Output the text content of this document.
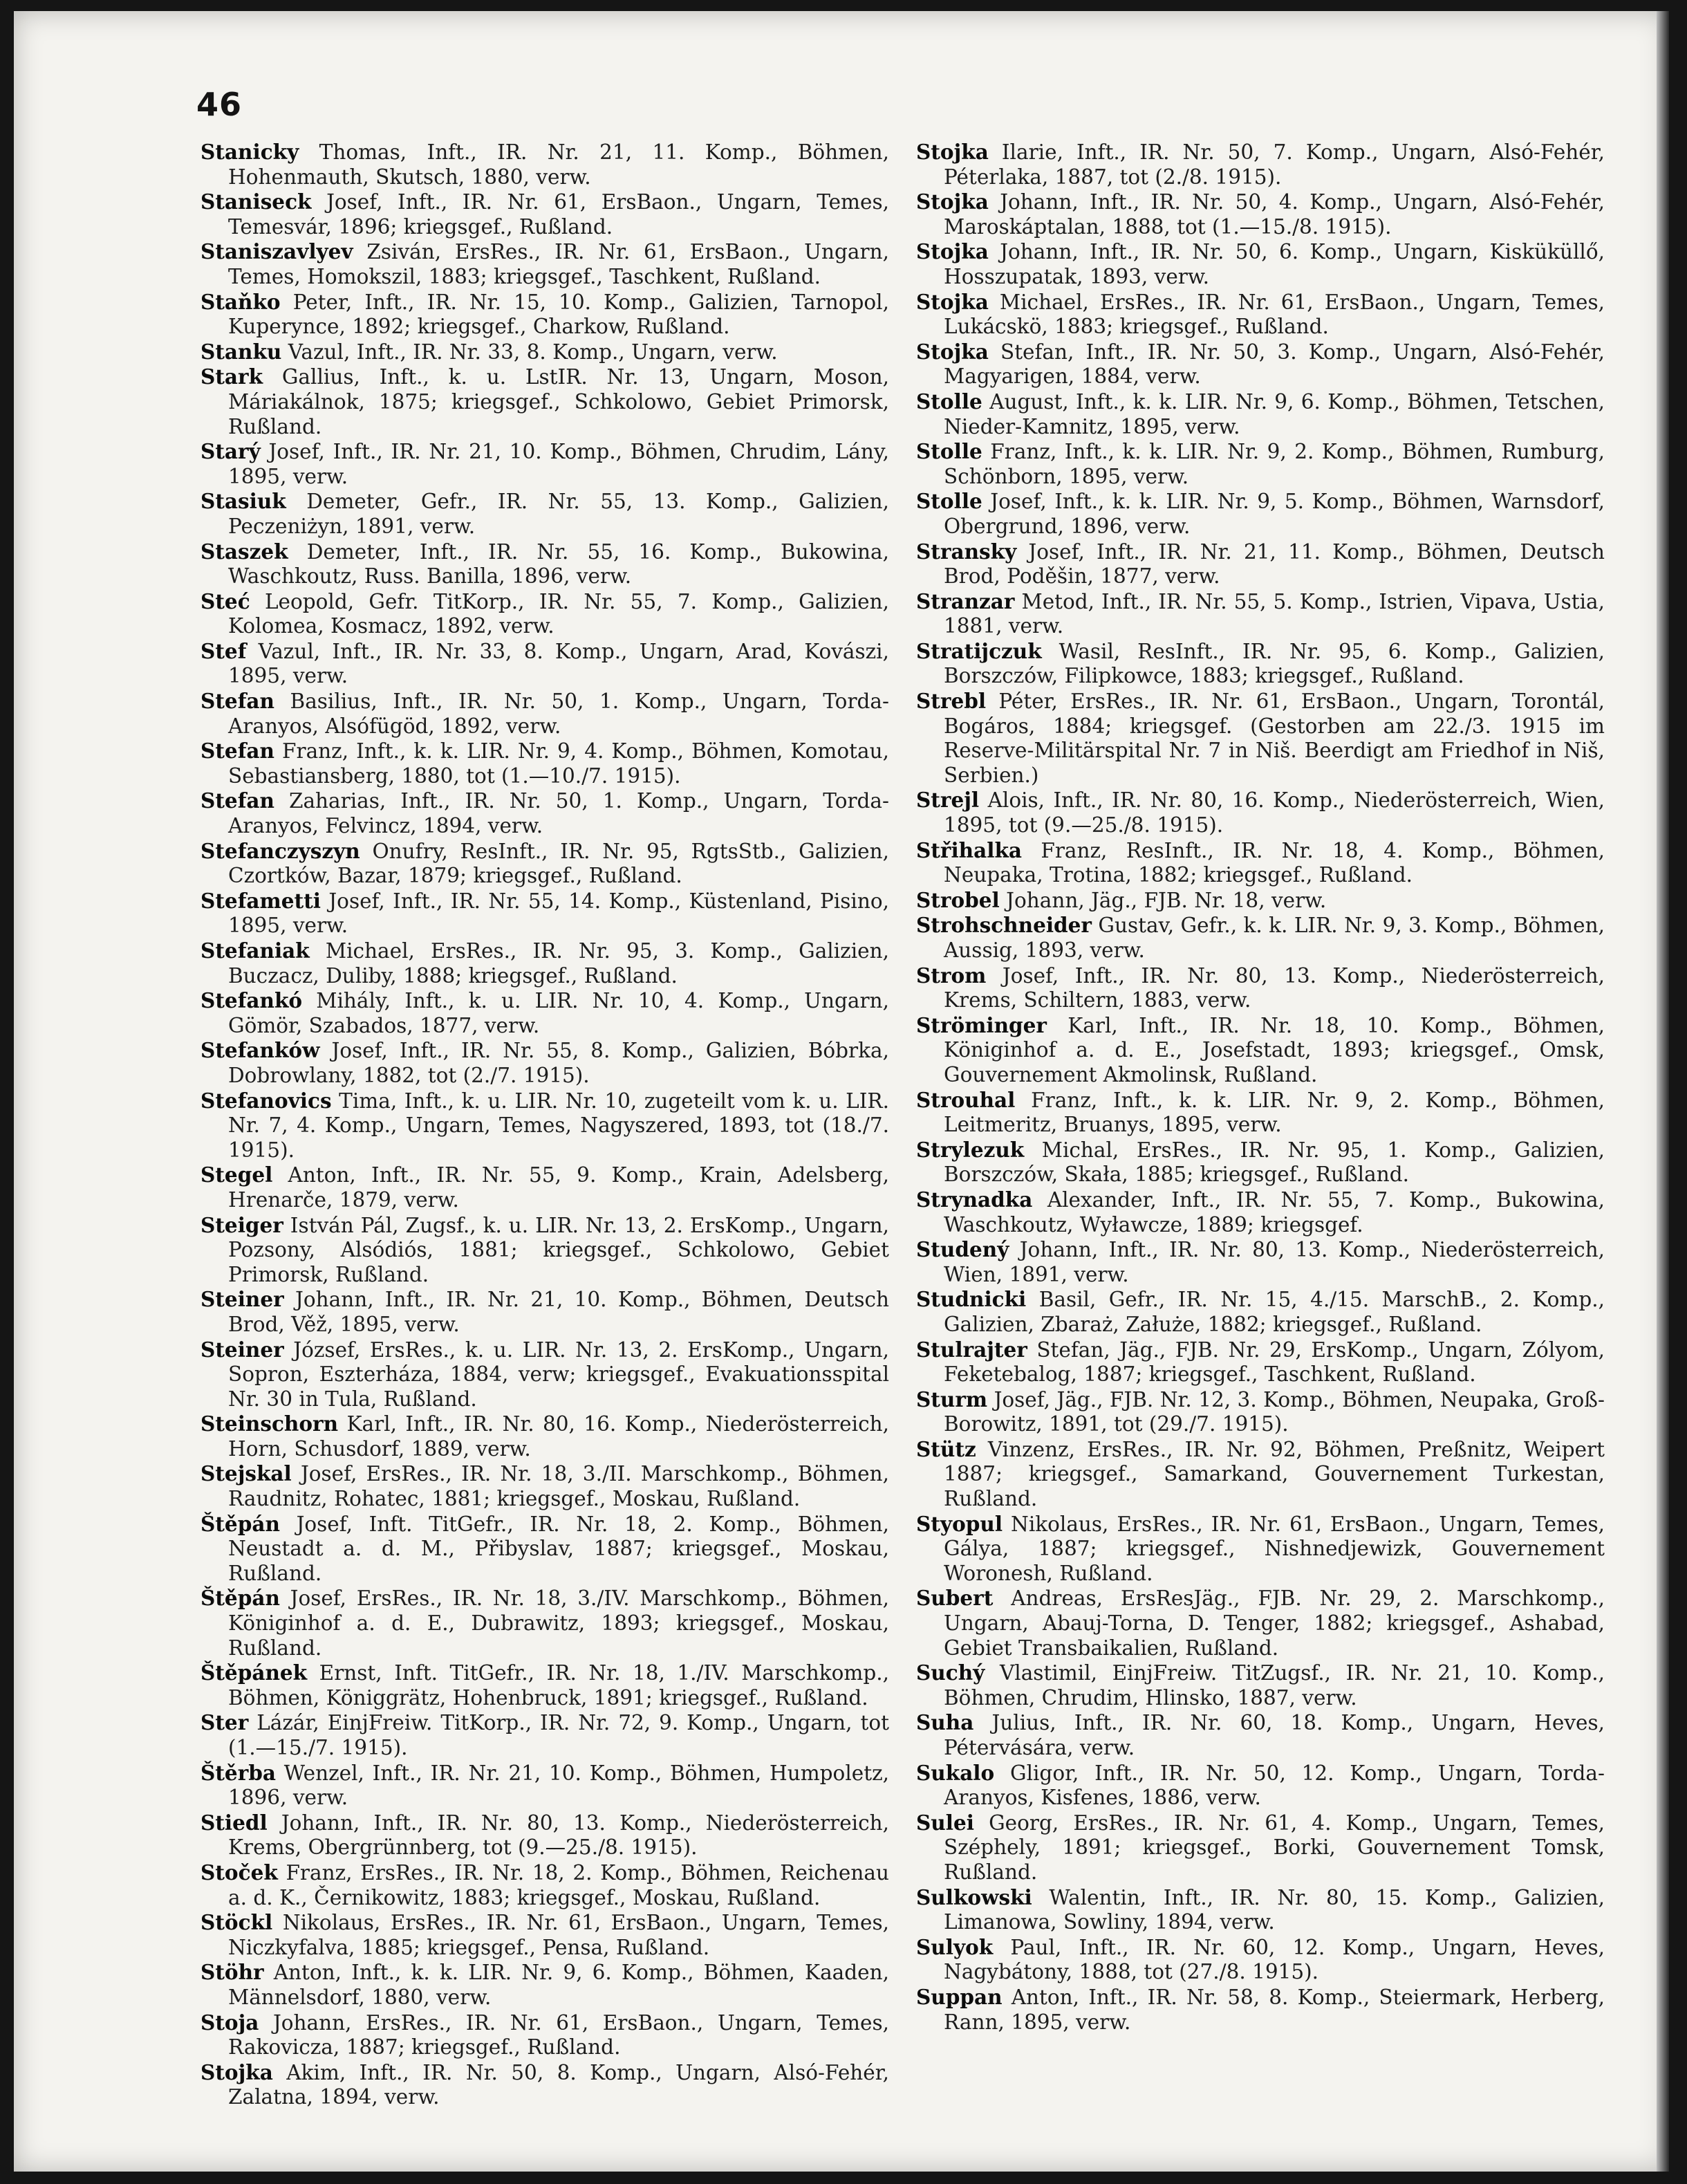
46

Stanicky Thomas, Inft., IR. Nr. 21, 11. Komp., Böhmen, Hohenmauth, Skutsch, 1880, verw.

Staniseck Josef, Inft., IR. Nr. 61, ErsBaon., Ungarn, Temes, Temesvár, 1896; kriegsgef., Rußland.

Staniszavlyev Zsiván, ErsRes., IR. Nr. 61, ErsBaon., Ungarn, Temes, Homokszil, 1883; kriegsgef., Taschkent, Rußland.

Staňko Peter, Inft., IR. Nr. 15, 10. Komp., Galizien, Tarnopol, Kuperynce, 1892; kriegsgef., Charkow, Rußland.

Stanku Vazul, Inft., IR. Nr. 33, 8. Komp., Ungarn, verw.

Stark Gallius, Inft., k. u. LstIR. Nr. 13, Ungarn, Moson, Máriakálnok, 1875; kriegsgef., Schkolowo, Gebiet Primorsk, Rußland.

Starý Josef, Inft., IR. Nr. 21, 10. Komp., Böhmen, Chrudim, Lány, 1895, verw.

Stasiuk Demeter, Gefr., IR. Nr. 55, 13. Komp., Galizien, Peczeniżyn, 1891, verw.

Staszek Demeter, Inft., IR. Nr. 55, 16. Komp., Bukowina, Waschkoutz, Russ. Banilla, 1896, verw.

Steć Leopold, Gefr. TitKorp., IR. Nr. 55, 7. Komp., Galizien, Kolomea, Kosmacz, 1892, verw.

Stef Vazul, Inft., IR. Nr. 33, 8. Komp., Ungarn, Arad, Kovászi, 1895, verw.

Stefan Basilius, Inft., IR. Nr. 50, 1. Komp., Ungarn, Torda-Aranyos, Alsófügöd, 1892, verw.

Stefan Franz, Inft., k. k. LIR. Nr. 9, 4. Komp., Böhmen, Komotau, Sebastiansberg, 1880, tot (1.—10./7. 1915).

Stefan Zaharias, Inft., IR. Nr. 50, 1. Komp., Ungarn, Torda-Aranyos, Felvincz, 1894, verw.

Stefanczyszyn Onufry, ResInft., IR. Nr. 95, RgtsStb., Galizien, Czortków, Bazar, 1879; kriegsgef., Rußland.

Stefametti Josef, Inft., IR. Nr. 55, 14. Komp., Küstenland, Pisino, 1895, verw.

Stefaniak Michael, ErsRes., IR. Nr. 95, 3. Komp., Galizien, Buczacz, Duliby, 1888; kriegsgef., Rußland.

Stefankó Mihály, Inft., k. u. LIR. Nr. 10, 4. Komp., Ungarn, Gömör, Szabados, 1877, verw.

Stefanków Josef, Inft., IR. Nr. 55, 8. Komp., Galizien, Bóbrka, Dobrowlany, 1882, tot (2./7. 1915).

Stefanovics Tima, Inft., k. u. LIR. Nr. 10, zugeteilt vom k. u. LIR. Nr. 7, 4. Komp., Ungarn, Temes, Nagyszered, 1893, tot (18./7. 1915).

Stegel Anton, Inft., IR. Nr. 55, 9. Komp., Krain, Adelsberg, Hrenarče, 1879, verw.

Steiger István Pál, Zugsf., k. u. LIR. Nr. 13, 2. ErsKomp., Ungarn, Pozsony, Alsódiós, 1881; kriegsgef., Schkolowo, Gebiet Primorsk, Rußland.

Steiner Johann, Inft., IR. Nr. 21, 10. Komp., Böhmen, Deutsch Brod, Věž, 1895, verw.

Steiner József, ErsRes., k. u. LIR. Nr. 13, 2. ErsKomp., Ungarn, Sopron, Eszterháza, 1884, verw; kriegsgef., Evakuationsspital Nr. 30 in Tula, Rußland.

Steinschorn Karl, Inft., IR. Nr. 80, 16. Komp., Niederösterreich, Horn, Schusdorf, 1889, verw.

Stejskal Josef, ErsRes., IR. Nr. 18, 3./II. Marschkomp., Böhmen, Raudnitz, Rohatec, 1881; kriegsgef., Moskau, Rußland.

Štěpán Josef, Inft. TitGefr., IR. Nr. 18, 2. Komp., Böhmen, Neustadt a. d. M., Přibyslav, 1887; kriegsgef., Moskau, Rußland.

Štěpán Josef, ErsRes., IR. Nr. 18, 3./IV. Marschkomp., Böhmen, Königinhof a. d. E., Dubrawitz, 1893; kriegsgef., Moskau, Rußland.

Štěpánek Ernst, Inft. TitGefr., IR. Nr. 18, 1./IV. Marschkomp., Böhmen, Königgrätz, Hohenbruck, 1891; kriegsgef., Rußland.

Ster Lázár, EinjFreiw. TitKorp., IR. Nr. 72, 9. Komp., Ungarn, tot (1.—15./7. 1915).

Štěrba Wenzel, Inft., IR. Nr. 21, 10. Komp., Böhmen, Humpoletz, 1896, verw.

Stiedl Johann, Inft., IR. Nr. 80, 13. Komp., Niederösterreich, Krems, Obergrünnberg, tot (9.—25./8. 1915).

Stoček Franz, ErsRes., IR. Nr. 18, 2. Komp., Böhmen, Reichenau a. d. K., Černikowitz, 1883; kriegsgef., Moskau, Rußland.

Stöckl Nikolaus, ErsRes., IR. Nr. 61, ErsBaon., Ungarn, Temes, Niczkyfalva, 1885; kriegsgef., Pensa, Rußland.

Stöhr Anton, Inft., k. k. LIR. Nr. 9, 6. Komp., Böhmen, Kaaden, Männelsdorf, 1880, verw.

Stoja Johann, ErsRes., IR. Nr. 61, ErsBaon., Ungarn, Temes, Rakovicza, 1887; kriegsgef., Rußland.

Stojka Akim, Inft., IR. Nr. 50, 8. Komp., Ungarn, Alsó-Fehér, Zalatna, 1894, verw.

Stojka Ilarie, Inft., IR. Nr. 50, 7. Komp., Ungarn, Alsó-Fehér, Péterlaka, 1887, tot (2./8. 1915).

Stojka Johann, Inft., IR. Nr. 50, 4. Komp., Ungarn, Alsó-Fehér, Maroskáptalan, 1888, tot (1.—15./8. 1915).

Stojka Johann, Inft., IR. Nr. 50, 6. Komp., Ungarn, Kisküküllő, Hosszupatak, 1893, verw.

Stojka Michael, ErsRes., IR. Nr. 61, ErsBaon., Ungarn, Temes, Lukácskö, 1883; kriegsgef., Rußland.

Stojka Stefan, Inft., IR. Nr. 50, 3. Komp., Ungarn, Alsó-Fehér, Magyarigen, 1884, verw.

Stolle August, Inft., k. k. LIR. Nr. 9, 6. Komp., Böhmen, Tetschen, Nieder-Kamnitz, 1895, verw.

Stolle Franz, Inft., k. k. LIR. Nr. 9, 2. Komp., Böhmen, Rumburg, Schönborn, 1895, verw.

Stolle Josef, Inft., k. k. LIR. Nr. 9, 5. Komp., Böhmen, Warnsdorf, Obergrund, 1896, verw.

Stransky Josef, Inft., IR. Nr. 21, 11. Komp., Böhmen, Deutsch Brod, Poděšin, 1877, verw.

Stranzar Metod, Inft., IR. Nr. 55, 5. Komp., Istrien, Vipava, Ustia, 1881, verw.

Stratijczuk Wasil, ResInft., IR. Nr. 95, 6. Komp., Galizien, Borszczów, Filipkowce, 1883; kriegsgef., Rußland.

Strebl Péter, ErsRes., IR. Nr. 61, ErsBaon., Ungarn, Torontál, Bogáros, 1884; kriegsgef. (Gestorben am 22./3. 1915 im Reserve-Militärspital Nr. 7 in Niš. Beerdigt am Friedhof in Niš, Serbien.)

Strejl Alois, Inft., IR. Nr. 80, 16. Komp., Niederösterreich, Wien, 1895, tot (9.—25./8. 1915).

Střihalka Franz, ResInft., IR. Nr. 18, 4. Komp., Böhmen, Neupaka, Trotina, 1882; kriegsgef., Rußland.

Strobel Johann, Jäg., FJB. Nr. 18, verw.

Strohschneider Gustav, Gefr., k. k. LIR. Nr. 9, 3. Komp., Böhmen, Aussig, 1893, verw.

Strom Josef, Inft., IR. Nr. 80, 13. Komp., Niederösterreich, Krems, Schiltern, 1883, verw.

Ströminger Karl, Inft., IR. Nr. 18, 10. Komp., Böhmen, Königinhof a. d. E., Josefstadt, 1893; kriegsgef., Omsk, Gouvernement Akmolinsk, Rußland.

Strouhal Franz, Inft., k. k. LIR. Nr. 9, 2. Komp., Böhmen, Leitmeritz, Bruanys, 1895, verw.

Strylezuk Michal, ErsRes., IR. Nr. 95, 1. Komp., Galizien, Borszczów, Skała, 1885; kriegsgef., Rußland.

Strynadka Alexander, Inft., IR. Nr. 55, 7. Komp., Bukowina, Waschkoutz, Wyławcze, 1889; kriegsgef.

Studený Johann, Inft., IR. Nr. 80, 13. Komp., Niederösterreich, Wien, 1891, verw.

Studnicki Basil, Gefr., IR. Nr. 15, 4./15. MarschB., 2. Komp., Galizien, Zbaraż, Załuże, 1882; kriegsgef., Rußland.

Stulrajter Stefan, Jäg., FJB. Nr. 29, ErsKomp., Ungarn, Zólyom, Feketebalog, 1887; kriegsgef., Taschkent, Rußland.

Sturm Josef, Jäg., FJB. Nr. 12, 3. Komp., Böhmen, Neupaka, Groß-Borowitz, 1891, tot (29./7. 1915).

Stütz Vinzenz, ErsRes., IR. Nr. 92, Böhmen, Preßnitz, Weipert 1887; kriegsgef., Samarkand, Gouvernement Turkestan, Rußland.

Styopul Nikolaus, ErsRes., IR. Nr. 61, ErsBaon., Ungarn, Temes, Gálya, 1887; kriegsgef., Nishnedjewizk, Gouvernement Woronesh, Rußland.

Subert Andreas, ErsResJäg., FJB. Nr. 29, 2. Marschkomp., Ungarn, Abauj-Torna, D. Tenger, 1882; kriegsgef., Ashabad, Gebiet Transbaikalien, Rußland.

Suchý Vlastimil, EinjFreiw. TitZugsf., IR. Nr. 21, 10. Komp., Böhmen, Chrudim, Hlinsko, 1887, verw.

Suha Julius, Inft., IR. Nr. 60, 18. Komp., Ungarn, Heves, Pétervására, verw.

Sukalo Gligor, Inft., IR. Nr. 50, 12. Komp., Ungarn, Torda-Aranyos, Kisfenes, 1886, verw.

Sulei Georg, ErsRes., IR. Nr. 61, 4. Komp., Ungarn, Temes, Széphely, 1891; kriegsgef., Borki, Gouvernement Tomsk, Rußland.

Sulkowski Walentin, Inft., IR. Nr. 80, 15. Komp., Galizien, Limanowa, Sowliny, 1894, verw.

Sulyok Paul, Inft., IR. Nr. 60, 12. Komp., Ungarn, Heves, Nagybátony, 1888, tot (27./8. 1915).

Suppan Anton, Inft., IR. Nr. 58, 8. Komp., Steiermark, Herberg, Rann, 1895, verw.
